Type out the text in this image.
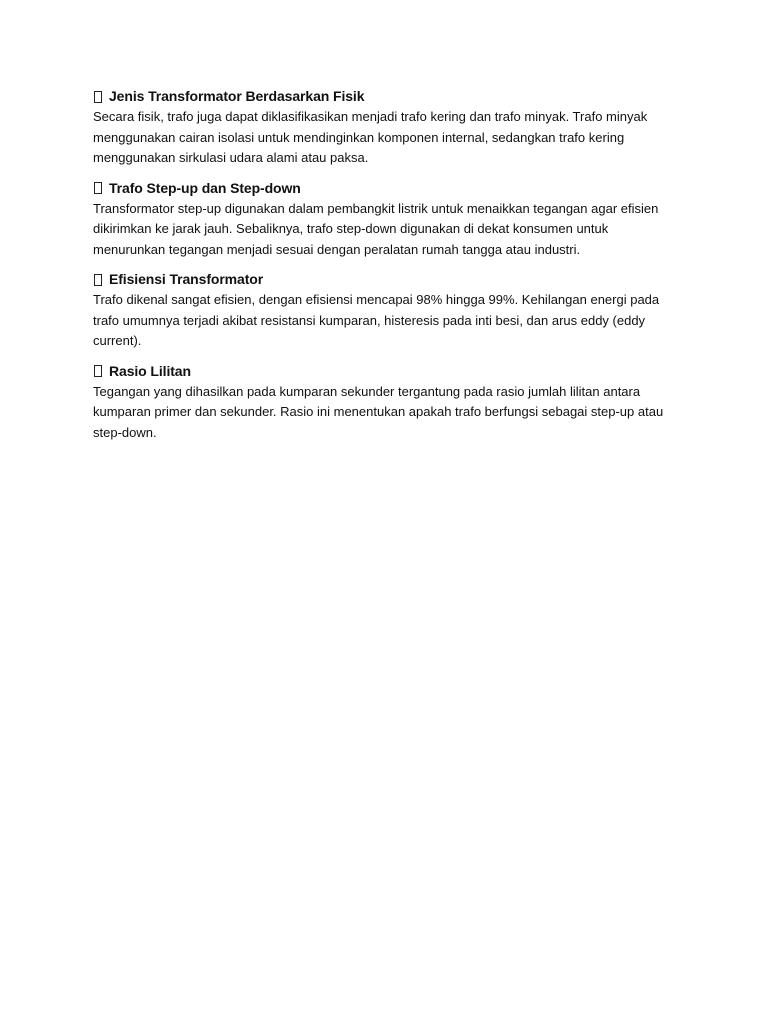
Jenis Transformator Berdasarkan Fisik

Secara fisik, trafo juga dapat diklasifikasikan menjadi trafo kering dan trafo minyak. Trafo minyak menggunakan cairan isolasi untuk mendinginkan komponen internal, sedangkan trafo kering menggunakan sirkulasi udara alami atau paksa.

Trafo Step-up dan Step-down

Transformator step-up digunakan dalam pembangkit listrik untuk menaikkan tegangan agar efisien dikirimkan ke jarak jauh. Sebaliknya, trafo step-down digunakan di dekat konsumen untuk menurunkan tegangan menjadi sesuai dengan peralatan rumah tangga atau industri.

Efisiensi Transformator

Trafo dikenal sangat efisien, dengan efisiensi mencapai 98% hingga 99%. Kehilangan energi pada trafo umumnya terjadi akibat resistansi kumparan, histeresis pada inti besi, dan arus eddy (eddy current).

Rasio Lilitan

Tegangan yang dihasilkan pada kumparan sekunder tergantung pada rasio jumlah lilitan antara kumparan primer dan sekunder. Rasio ini menentukan apakah trafo berfungsi sebagai step-up atau step-down.
